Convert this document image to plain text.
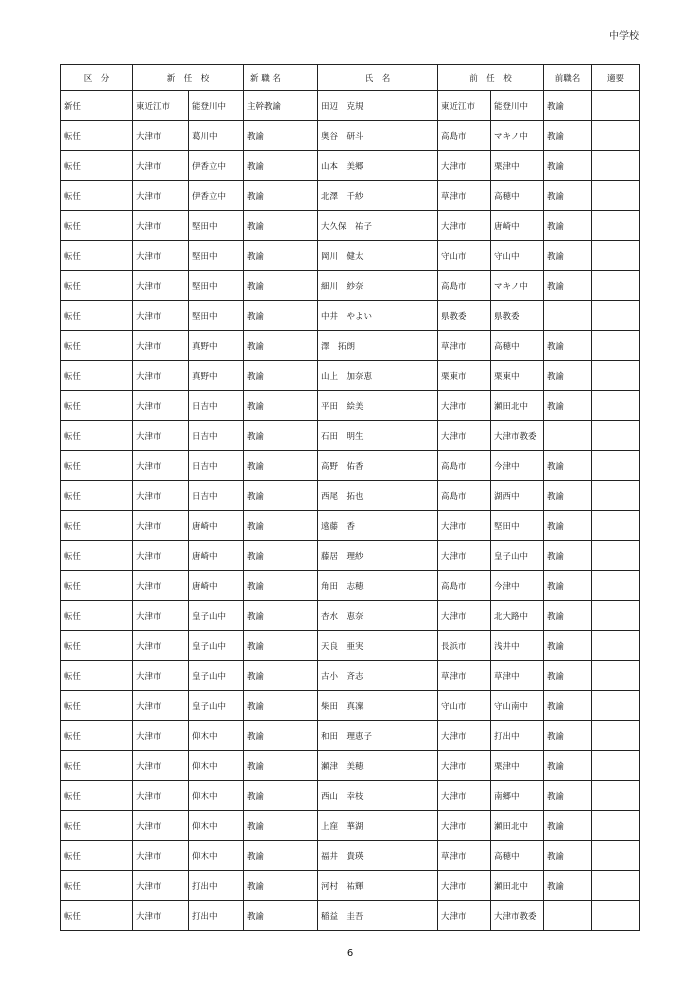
中学校
区　分	新　任　校		新 職 名	氏　名	前　任　校		前職名	適要
新任	東近江市	能登川中	主幹教諭	田辺　克規	東近江市	能登川中	教諭	
転任	大津市	葛川中	教諭	奥谷　研斗	高島市	マキノ中	教諭	
転任	大津市	伊香立中	教諭	山本　美郷	大津市	栗津中	教諭	
転任	大津市	伊香立中	教諭	北澤　千紗	草津市	高穂中	教諭	
転任	大津市	堅田中	教諭	大久保　祐子	大津市	唐崎中	教諭	
転任	大津市	堅田中	教諭	岡川　健太	守山市	守山中	教諭	
転任	大津市	堅田中	教諭	細川　紗奈	高島市	マキノ中	教諭	
転任	大津市	堅田中	教諭	中井　やよい	県教委	県教委		
転任	大津市	真野中	教諭	澤　拓朗	草津市	高穂中	教諭	
転任	大津市	真野中	教諭	山上　加奈恵	栗東市	栗東中	教諭	
転任	大津市	日吉中	教諭	平田　絵美	大津市	瀬田北中	教諭	
転任	大津市	日吉中	教諭	石田　明生	大津市	大津市教委		
転任	大津市	日吉中	教諭	高野　佑香	高島市	今津中	教諭	
転任	大津市	日吉中	教諭	西尾　拓也	高島市	湖西中	教諭	
転任	大津市	唐崎中	教諭	遠藤　香	大津市	堅田中	教諭	
転任	大津市	唐崎中	教諭	藤居　理紗	大津市	皇子山中	教諭	
転任	大津市	唐崎中	教諭	角田　志穂	高島市	今津中	教諭	
転任	大津市	皇子山中	教諭	杏水　恵奈	大津市	北大路中	教諭	
転任	大津市	皇子山中	教諭	天良　亜実	長浜市	浅井中	教諭	
転任	大津市	皇子山中	教諭	古小　斉志	草津市	草津中	教諭	
転任	大津市	皇子山中	教諭	柴田　真凜	守山市	守山南中	教諭	
転任	大津市	仰木中	教諭	和田　理恵子	大津市	打出中	教諭	
転任	大津市	仰木中	教諭	瀬津　美穂	大津市	栗津中	教諭	
転任	大津市	仰木中	教諭	西山　幸枝	大津市	南郷中	教諭	
転任	大津市	仰木中	教諭	上窪　華湖	大津市	瀬田北中	教諭	
転任	大津市	仰木中	教諭	福井　貴瑛	草津市	高穂中	教諭	
転任	大津市	打出中	教諭	河村　祐輝	大津市	瀬田北中	教諭	
転任	大津市	打出中	教諭	稲益　圭吾	大津市	大津市教委		
6
